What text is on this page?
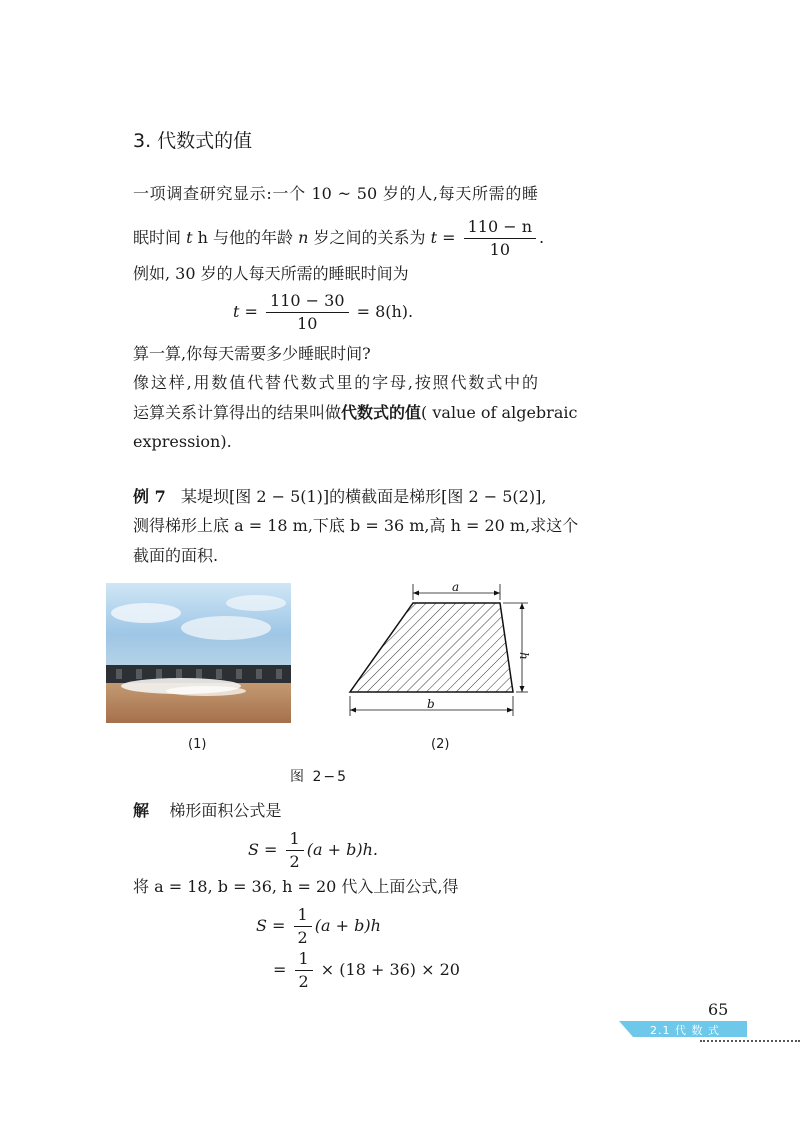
3. 代数式的值
一项调查研究显示:一个 10 ~ 50 岁的人,每天所需的睡
眠时间 t h 与他的年龄 n 岁之间的关系为 $t = \frac{110 - n}{10}$ .
例如, 30 岁的人每天所需的睡眠时间为
$t = \frac{110 - 30}{10} = 8(h)$.
算一算,你每天需要多少睡眠时间?
像这样,用数值代替代数式里的字母,按照代数式中的
运算关系计算得出的结果叫做代数式的值( value of algebraic
expression).
例 7 某堤坝[图 2 − 5(1)]的横截面是梯形[图 2 − 5(2)],
测得梯形上底 a = 18 m,下底 b = 36 m,高 h = 20 m,求这个
截面的面积.
a
h
b
(1)	(2)
图 2−5
解 梯形面积公式是
$S = \frac{1}{2} (a + b)h$.
将 a = 18, b = 36, h = 20 代入上面公式,得
$S = \frac{1}{2} (a + b)h$
= $\frac{1}{2} \times (18 + 36) \times 20$
65
2.1 代 数 式
